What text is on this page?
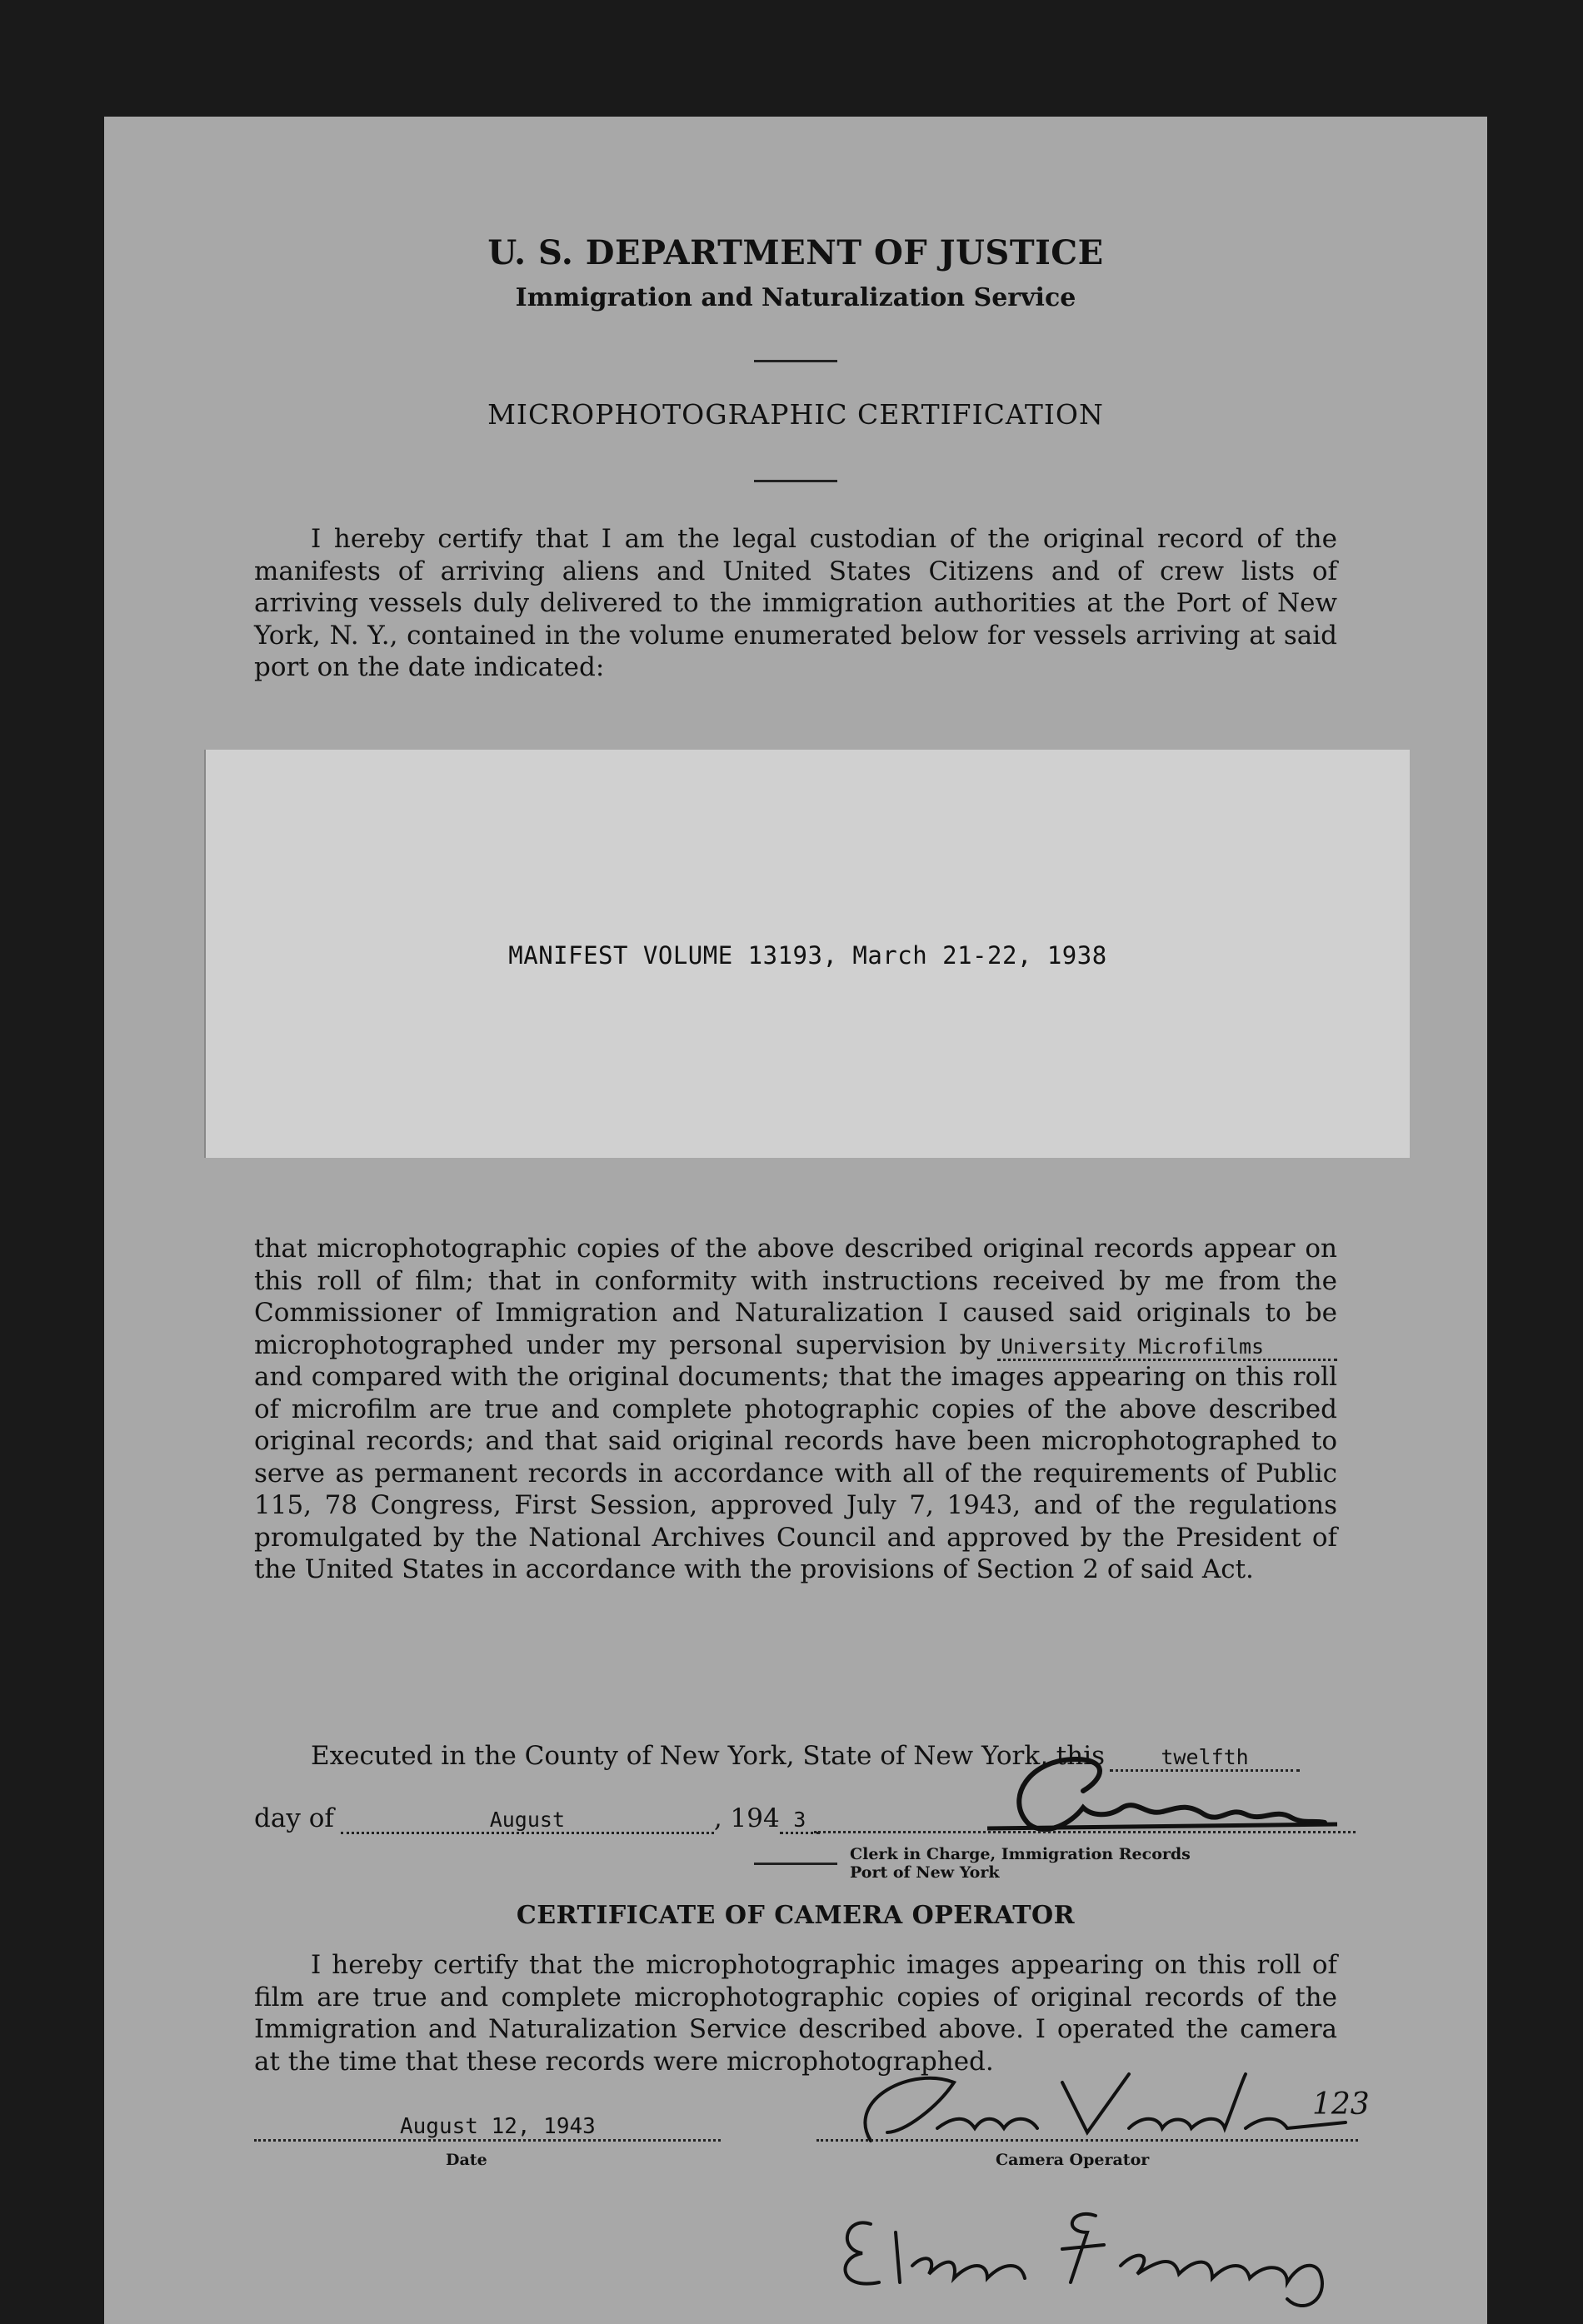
U. S. DEPARTMENT OF JUSTICE
Immigration and Naturalization Service
MICROPHOTOGRAPHIC CERTIFICATION
I hereby certify that I am the legal custodian of the original record of the manifests of arriving aliens and United States Citizens and of crew lists of arriving vessels duly delivered to the immigration authorities at the Port of New York, N. Y., contained in the volume enumerated below for vessels arriving at said port on the date indicated:
MANIFEST VOLUME 13193, March 21-22, 1938
that microphotographic copies of the above described original records appear on this roll of film; that in conformity with instructions received by me from the Commissioner of Immigration and Naturalization I caused said originals to be microphotographed under my personal supervision by University Microfilms and compared with the original documents; that the images appearing on this roll of microfilm are true and complete photographic copies of the above described original records; and that said original records have been microphotographed to serve as permanent records in accordance with all of the requirements of Public 115, 78 Congress, First Session, approved July 7, 1943, and of the regulations promulgated by the National Archives Council and approved by the President of the United States in accordance with the provisions of Section 2 of said Act.
Executed in the County of New York, State of New York, this	twelfth
day of	August	, 194 3
Clerk in Charge, Immigration Records
Port of New York
CERTIFICATE OF CAMERA OPERATOR
I hereby certify that the microphotographic images appearing on this roll of film are true and complete microphotographic copies of original records of the Immigration and Naturalization Service described above. I operated the camera at the time that these records were microphotographed.
August 12, 1943
Date
123
Camera Operator
